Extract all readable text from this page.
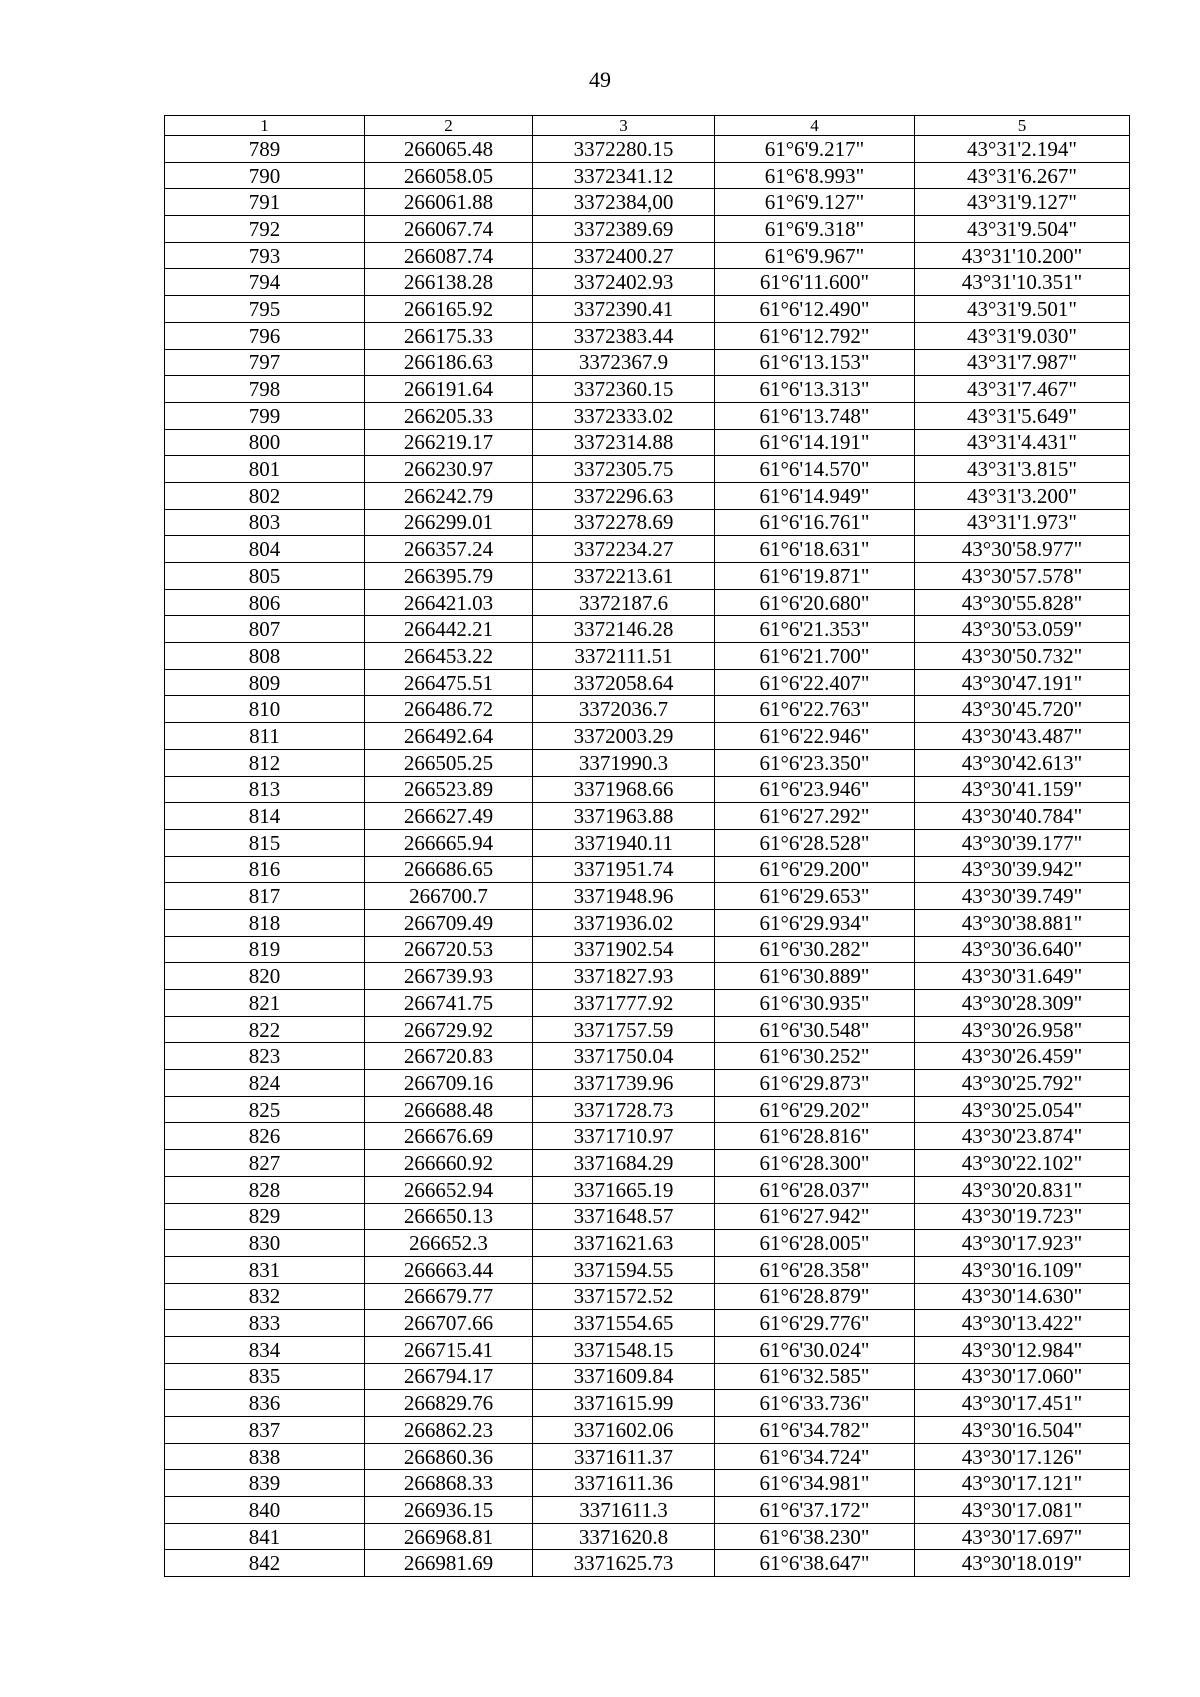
49
1	2	3	4	5
789	266065.48	3372280.15	61°6'9.217"	43°31'2.194"
790	266058.05	3372341.12	61°6'8.993"	43°31'6.267"
791	266061.88	3372384,00	61°6'9.127"	43°31'9.127"
792	266067.74	3372389.69	61°6'9.318"	43°31'9.504"
793	266087.74	3372400.27	61°6'9.967"	43°31'10.200"
794	266138.28	3372402.93	61°6'11.600"	43°31'10.351"
795	266165.92	3372390.41	61°6'12.490"	43°31'9.501"
796	266175.33	3372383.44	61°6'12.792"	43°31'9.030"
797	266186.63	3372367.9	61°6'13.153"	43°31'7.987"
798	266191.64	3372360.15	61°6'13.313"	43°31'7.467"
799	266205.33	3372333.02	61°6'13.748"	43°31'5.649"
800	266219.17	3372314.88	61°6'14.191"	43°31'4.431"
801	266230.97	3372305.75	61°6'14.570"	43°31'3.815"
802	266242.79	3372296.63	61°6'14.949"	43°31'3.200"
803	266299.01	3372278.69	61°6'16.761"	43°31'1.973"
804	266357.24	3372234.27	61°6'18.631"	43°30'58.977"
805	266395.79	3372213.61	61°6'19.871"	43°30'57.578"
806	266421.03	3372187.6	61°6'20.680"	43°30'55.828"
807	266442.21	3372146.28	61°6'21.353"	43°30'53.059"
808	266453.22	3372111.51	61°6'21.700"	43°30'50.732"
809	266475.51	3372058.64	61°6'22.407"	43°30'47.191"
810	266486.72	3372036.7	61°6'22.763"	43°30'45.720"
811	266492.64	3372003.29	61°6'22.946"	43°30'43.487"
812	266505.25	3371990.3	61°6'23.350"	43°30'42.613"
813	266523.89	3371968.66	61°6'23.946"	43°30'41.159"
814	266627.49	3371963.88	61°6'27.292"	43°30'40.784"
815	266665.94	3371940.11	61°6'28.528"	43°30'39.177"
816	266686.65	3371951.74	61°6'29.200"	43°30'39.942"
817	266700.7	3371948.96	61°6'29.653"	43°30'39.749"
818	266709.49	3371936.02	61°6'29.934"	43°30'38.881"
819	266720.53	3371902.54	61°6'30.282"	43°30'36.640"
820	266739.93	3371827.93	61°6'30.889"	43°30'31.649"
821	266741.75	3371777.92	61°6'30.935"	43°30'28.309"
822	266729.92	3371757.59	61°6'30.548"	43°30'26.958"
823	266720.83	3371750.04	61°6'30.252"	43°30'26.459"
824	266709.16	3371739.96	61°6'29.873"	43°30'25.792"
825	266688.48	3371728.73	61°6'29.202"	43°30'25.054"
826	266676.69	3371710.97	61°6'28.816"	43°30'23.874"
827	266660.92	3371684.29	61°6'28.300"	43°30'22.102"
828	266652.94	3371665.19	61°6'28.037"	43°30'20.831"
829	266650.13	3371648.57	61°6'27.942"	43°30'19.723"
830	266652.3	3371621.63	61°6'28.005"	43°30'17.923"
831	266663.44	3371594.55	61°6'28.358"	43°30'16.109"
832	266679.77	3371572.52	61°6'28.879"	43°30'14.630"
833	266707.66	3371554.65	61°6'29.776"	43°30'13.422"
834	266715.41	3371548.15	61°6'30.024"	43°30'12.984"
835	266794.17	3371609.84	61°6'32.585"	43°30'17.060"
836	266829.76	3371615.99	61°6'33.736"	43°30'17.451"
837	266862.23	3371602.06	61°6'34.782"	43°30'16.504"
838	266860.36	3371611.37	61°6'34.724"	43°30'17.126"
839	266868.33	3371611.36	61°6'34.981"	43°30'17.121"
840	266936.15	3371611.3	61°6'37.172"	43°30'17.081"
841	266968.81	3371620.8	61°6'38.230"	43°30'17.697"
842	266981.69	3371625.73	61°6'38.647"	43°30'18.019"
